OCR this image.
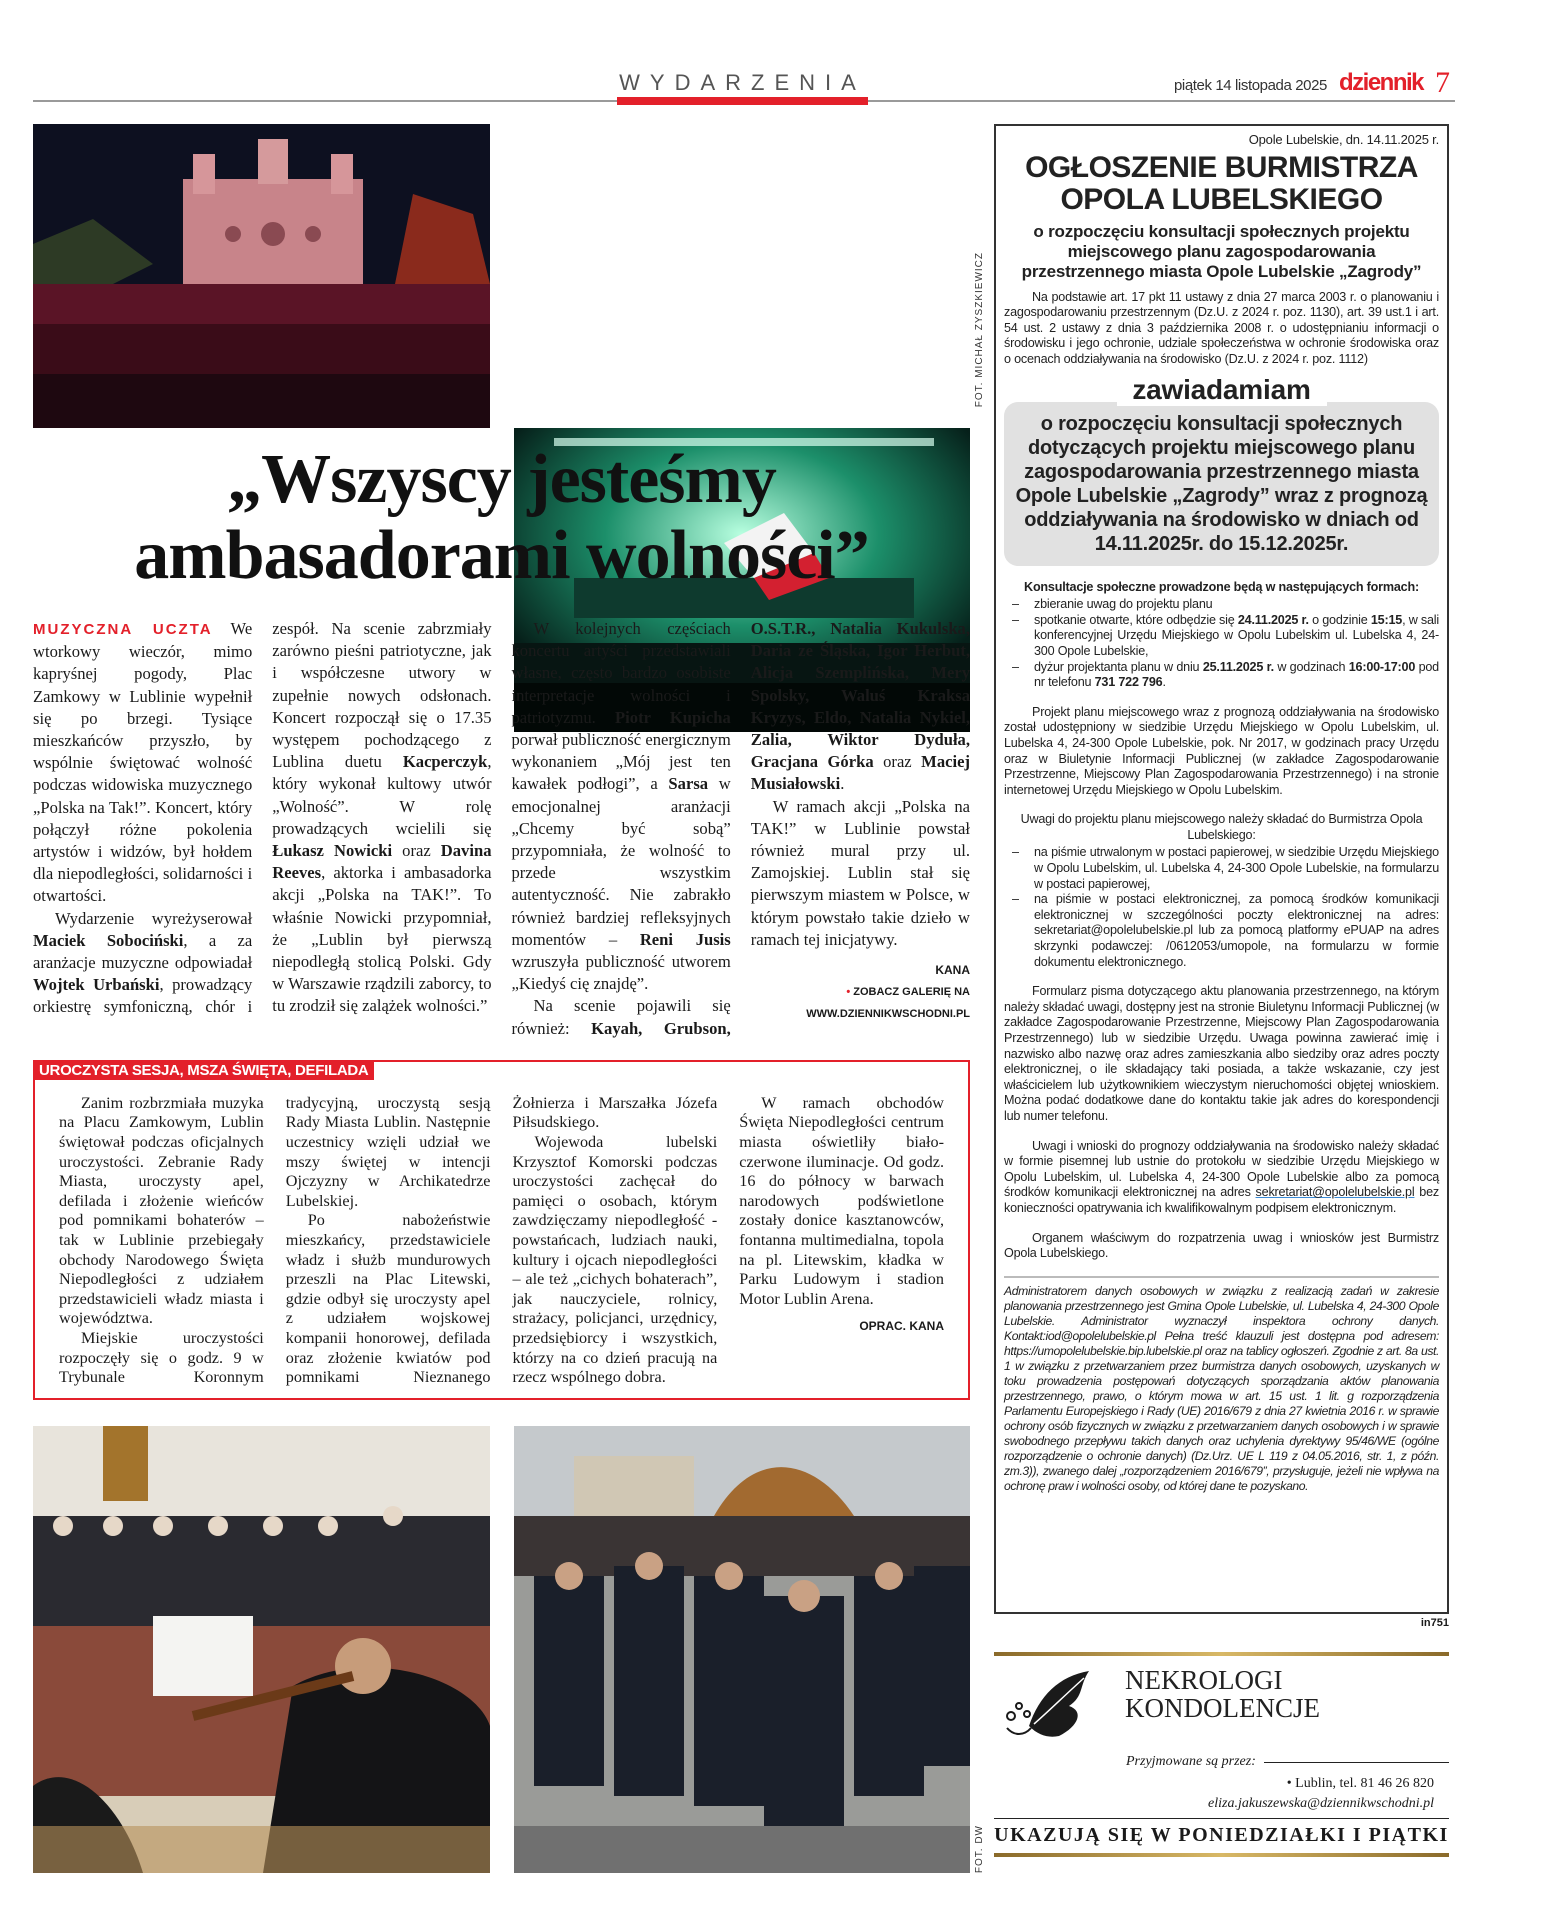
WYDARZENIA	piątek 14 listopada 2025 dziennik 7
FOT. MICHAŁ ZYSZKIEWICZ
„Wszyscy jesteśmy
ambasadorami wolności”

MUZYCZNA UCZTA We wtorkowy wieczór, mimo kapryśnej pogody, Plac Zamkowy w Lublinie wypełnił się po brzegi. Tysiące mieszkańców przyszło, by wspólnie świętować wolność podczas widowiska muzycznego „Polska na Tak!”. Koncert, który połączył różne pokolenia artystów i widzów, był hołdem dla niepodległości, solidarności i otwartości.

Wydarzenie wyreżyserował Maciek Sobociński, a za aranżacje muzyczne odpowiadał Wojtek Urbański, prowadzący orkiestrę symfoniczną, chór i zespół. Na scenie zabrzmiały zarówno pieśni patriotyczne, jak i współczesne utwory w zupełnie nowych odsłonach. Koncert rozpoczął się o 17.35 występem pochodzącego z Lublina duetu Kacperczyk, który wykonał kultowy utwór „Wolność”. W rolę prowadzących wcielili się Łukasz Nowicki oraz Davina Reeves, aktorka i ambasadorka akcji „Polska na TAK!”. To właśnie Nowicki przypomniał, że „Lublin był pierwszą niepodległą stolicą Polski. Gdy w Warszawie rządzili zaborcy, to tu zrodził się zalążek wolności.”

W kolejnych częściach koncertu artyści przedstawiali własne, często bardzo osobiste interpretacje wolności i patriotyzmu. Piotr Kupicha porwał publiczność energicznym wykonaniem „Mój jest ten kawałek podłogi”, a Sarsa w emocjonalnej aranżacji „Chcemy być sobą” przypomniała, że wolność to przede wszystkim autentyczność. Nie zabrakło również bardziej refleksyjnych momentów – Reni Jusis wzruszyła publiczność utworem „Kiedyś cię znajdę”.

Na scenie pojawili się również: Kayah, Grubson, O.S.T.R., Natalia Kukulska, Daria ze Śląska, Igor Herbut, Alicja Szemplińska, Mery Spolsky, Waluś Kraksa Kryzys, Eldo, Natalia Nykiel, Zalia, Wiktor Dyduła, Gracjana Górka oraz Maciej Musiałowski.

W ramach akcji „Polska na TAK!” w Lublinie powstał również mural przy ul. Zamojskiej. Lublin stał się pierwszym miastem w Polsce, w którym powstało takie dzieło w ramach tej inicjatywy.

KANA

• ZOBACZ GALERIĘ NA
WWW.DZIENNIKWSCHODNI.PL

UROCZYSTA SESJA, MSZA ŚWIĘTA, DEFILADA

Zanim rozbrzmiała muzyka na Placu Zamkowym, Lublin świętował podczas oficjalnych uroczystości. Zebranie Rady Miasta, uroczysty apel, defilada i złożenie wieńców pod pomnikami bohaterów – tak w Lublinie przebiegały obchody Narodowego Święta Niepodległości z udziałem przedstawicieli władz miasta i województwa.

Miejskie uroczystości rozpoczęły się o godz. 9 w Trybunale Koronnym tradycyjną, uroczystą sesją Rady Miasta Lublin. Następnie uczestnicy wzięli udział we mszy świętej w intencji Ojczyzny w Archikatedrze Lubelskiej.

Po nabożeństwie mieszkańcy, przedstawiciele władz i służb mundurowych przeszli na Plac Litewski, gdzie odbył się uroczysty apel z udziałem wojskowej kompanii honorowej, defilada oraz złożenie kwiatów pod pomnikami Nieznanego Żołnierza i Marszałka Józefa Piłsudskiego.

Wojewoda lubelski Krzysztof Komorski podczas uroczystości zachęcał do pamięci o osobach, którym zawdzięczamy niepodległość - powstańcach, ludziach nauki, kultury i ojcach niepodległości – ale też „cichych bohaterach”, jak nauczyciele, rolnicy, strażacy, policjanci, urzędnicy, przedsiębiorcy i wszystkich, którzy na co dzień pracują na rzecz wspólnego dobra.

W ramach obchodów Święta Niepodległości centrum miasta oświetliły biało-czerwone iluminacje. Od godz. 16 do północy w barwach narodowych podświetlone zostały donice kasztanowców, fontanna multimedialna, topola na pl. Litewskim, kładka w Parku Ludowym i stadion Motor Lublin Arena.

OPRAC. KANA

FOT. DW
Opole Lubelskie, dn. 14.11.2025 r.
OGŁOSZENIE BURMISTRZA OPOLA LUBELSKIEGO
o rozpoczęciu konsultacji społecznych projektu miejscowego planu zagospodarowania przestrzennego miasta Opole Lubelskie „Zagrody”

Na podstawie art. 17 pkt 11 ustawy z dnia 27 marca 2003 r. o planowaniu i zagospodarowaniu przestrzennym (Dz.U. z 2024 r. poz. 1130), art. 39 ust.1 i art. 54 ust. 2 ustawy z dnia 3 października 2008 r. o udostępnianiu informacji o środowisku i jego ochronie, udziale społeczeństwa w ochronie środowiska oraz o ocenach oddziaływania na środowisko (Dz.U. z 2024 r. poz. 1112)

zawiadamiam
o rozpoczęciu konsultacji społecznych dotyczących projektu miejscowego planu zagospodarowania przestrzennego miasta Opole Lubelskie „Zagrody” wraz z prognozą oddziaływania na środowisko w dniach od 14.11.2025r. do 15.12.2025r.
Konsultacje społeczne prowadzone będą w następujących formach:
– zbieranie uwag do projektu planu
– spotkanie otwarte, które odbędzie się 24.11.2025 r. o godzinie 15:15, w sali konferencyjnej Urzędu Miejskiego w Opolu Lubelskim ul. Lubelska 4, 24-300 Opole Lubelskie,
– dyżur projektanta planu w dniu 25.11.2025 r. w godzinach 16:00-17:00 pod nr telefonu 731 722 796.

Projekt planu miejscowego wraz z prognozą oddziaływania na środowisko został udostępniony w siedzibie Urzędu Miejskiego w Opolu Lubelskim, ul. Lubelska 4, 24-300 Opole Lubelskie, pok. Nr 2017, w godzinach pracy Urzędu oraz w Biuletynie Informacji Publicznej (w zakładce Zagospodarowanie Przestrzenne, Miejscowy Plan Zagospodarowania Przestrzennego) i na stronie internetowej Urzędu Miejskiego w Opolu Lubelskim.

Uwagi do projektu planu miejscowego należy składać do Burmistrza Opola Lubelskiego:

– na piśmie utrwalonym w postaci papierowej, w siedzibie Urzędu Miejskiego w Opolu Lubelskim, ul. Lubelska 4, 24-300 Opole Lubelskie, na formularzu w postaci papierowej,
– na piśmie w postaci elektronicznej, za pomocą środków komunikacji elektronicznej w szczególności poczty elektronicznej na adres: sekretariat@opolelubelskie.pl lub za pomocą platformy ePUAP na adres skrzynki podawczej: /0612053/umopole, na formularzu w formie dokumentu elektronicznego.

Formularz pisma dotyczącego aktu planowania przestrzennego, na którym należy składać uwagi, dostępny jest na stronie Biuletynu Informacji Publicznej (w zakładce Zagospodarowanie Przestrzenne, Miejscowy Plan Zagospodarowania Przestrzennego) lub w siedzibie Urzędu. Uwaga powinna zawierać imię i nazwisko albo nazwę oraz adres zamieszkania albo siedziby oraz adres poczty elektronicznej, o ile składający taki posiada, a także wskazanie, czy jest właścicielem lub użytkownikiem wieczystym nieruchomości objętej wnioskiem. Można podać dodatkowe dane do kontaktu takie jak adres do korespondencji lub numer telefonu.

Uwagi i wnioski do prognozy oddziaływania na środowisko należy składać w formie pisemnej lub ustnie do protokołu w siedzibie Urzędu Miejskiego w Opolu Lubelskim, ul. Lubelska 4, 24-300 Opole Lubelskie albo za pomocą środków komunikacji elektronicznej na adres sekretariat@opolelubelskie.pl bez konieczności opatrywania ich kwalifikowalnym podpisem elektronicznym.

Organem właściwym do rozpatrzenia uwag i wniosków jest Burmistrz Opola Lubelskiego.

Administratorem danych osobowych w związku z realizacją zadań w zakresie planowania przestrzennego jest Gmina Opole Lubelskie, ul. Lubelska 4, 24-300 Opole Lubelskie. Administrator wyznaczył inspektora ochrony danych. Kontakt:iod@opolelubelskie.pl Pełna treść klauzuli jest dostępna pod adresem: https://umopolelubelskie.bip.lubelskie.pl oraz na tablicy ogłoszeń. Zgodnie z art. 8a ust. 1 w związku z przetwarzaniem przez burmistrza danych osobowych, uzyskanych w toku prowadzenia postępowań dotyczących sporządzania aktów planowania przestrzennego, prawo, o którym mowa w art. 15 ust. 1 lit. g rozporządzenia Parlamentu Europejskiego i Rady (UE) 2016/679 z dnia 27 kwietnia 2016 r. w sprawie ochrony osób fizycznych w związku z przetwarzaniem danych osobowych i w sprawie swobodnego przepływu takich danych oraz uchylenia dyrektywy 95/46/WE (ogólne rozporządzenie o ochronie danych) (Dz.Urz. UE L 119 z 04.05.2016, str. 1, z późn. zm.3)), zwanego dalej „rozporządzeniem 2016/679”, przysługuje, jeżeli nie wpływa na ochronę praw i wolności osoby, od której dane te pozyskano.

in751
NEKROLOGI
KONDOLENCJE
Przyjmowane są przez:
• Lublin, tel. 81 46 26 820
eliza.jakuszewska@dziennikwschodni.pl
UKAZUJĄ SIĘ W PONIEDZIAŁKI I PIĄTKI
